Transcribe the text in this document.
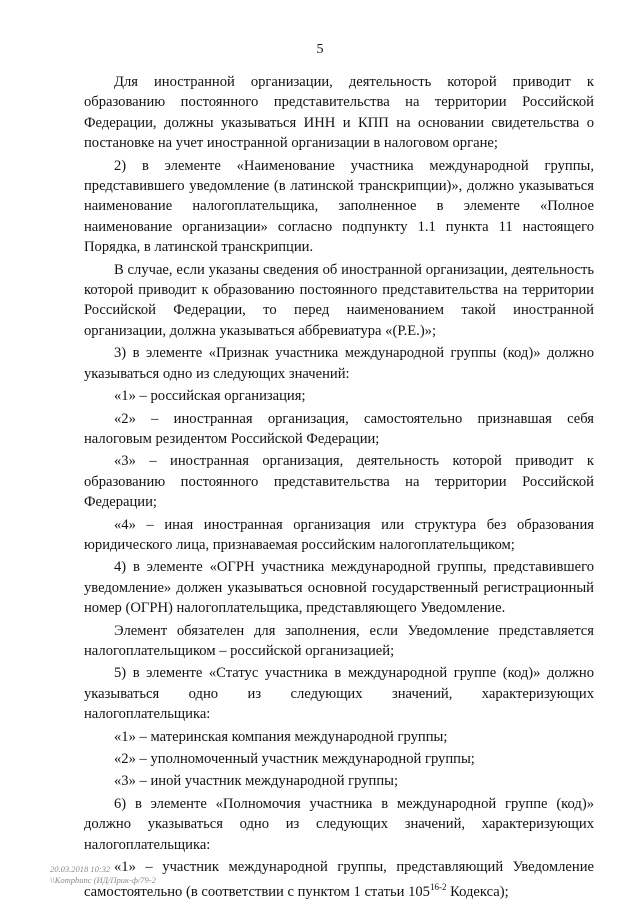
5

Для иностранной организации, деятельность которой приводит к образованию постоянного представительства на территории Российской Федерации, должны указываться ИНН и КПП на основании свидетельства о постановке на учет иностранной организации в налоговом органе;

2) в элементе «Наименование участника международной группы, представившего уведомление (в латинской транскрипции)», должно указываться наименование налогоплательщика, заполненное в элементе «Полное наименование организации» согласно подпункту 1.1 пункта 11 настоящего Порядка, в латинской транскрипции.

В случае, если указаны сведения об иностранной организации, деятельность которой приводит к образованию постоянного представительства на территории Российской Федерации, то перед наименованием такой иностранной организации, должна указываться аббревиатура «(Р.Е.)»;

3) в элементе «Признак участника международной группы (код)» должно указываться одно из следующих значений:

«1» – российская организация;

«2» – иностранная организация, самостоятельно признавшая себя налоговым резидентом Российской Федерации;

«3» – иностранная организация, деятельность которой приводит к образованию постоянного представительства на территории Российской Федерации;

«4» – иная иностранная организация или структура без образования юридического лица, признаваемая российским налогоплательщиком;

4) в элементе «ОГРН участника международной группы, представившего уведомление» должен указываться основной государственный регистрационный номер (ОГРН) налогоплательщика, представляющего Уведомление.

Элемент обязателен для заполнения, если Уведомление представляется налогоплательщиком – российской организацией;

5) в элементе «Статус участника в международной группе (код)» должно указываться одно из следующих значений, характеризующих налогоплательщика:

«1» – материнская компания международной группы;

«2» – уполномоченный участник международной группы;

«3» – иной участник международной группы;

6) в элементе «Полномочия участника в международной группе (код)» должно указываться одно из следующих значений, характеризующих налогоплательщика:

«1» – участник международной группы, представляющий Уведомление самостоятельно (в соответствии с пунктом 1 статьи 105$^{16-2}$ Кодекса);

20.03.2018 10:32
\\Kompbunc (ИД/Прик-ф/79-2
